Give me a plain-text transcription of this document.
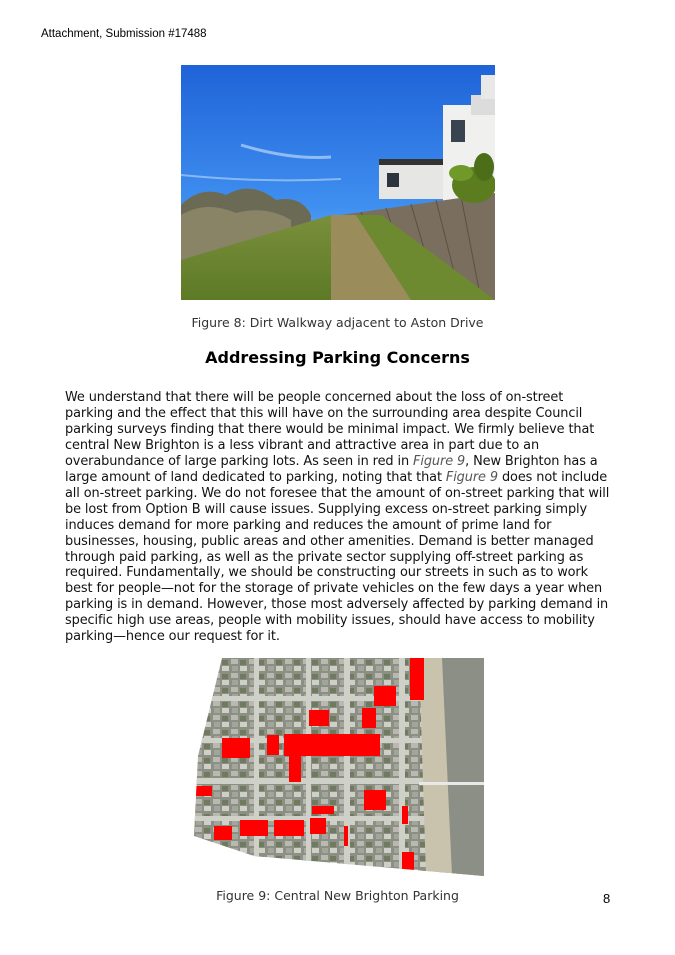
Attachment, Submission #17488
Figure 8: Dirt Walkway adjacent to Aston Drive
Addressing Parking Concerns
We understand that there will be people concerned about the loss of on-street parking and the effect that this will have on the surrounding area despite Council parking surveys finding that there would be minimal impact. We firmly believe that central New Brighton is a less vibrant and attractive area in part due to an overabundance of large parking lots. As seen in red in Figure 9, New Brighton has a large amount of land dedicated to parking, noting that that Figure 9 does not include all on-street parking. We do not foresee that the amount of on-street parking that will be lost from Option B will cause issues. Supplying excess on-street parking simply induces demand for more parking and reduces the amount of prime land for businesses, housing, public areas and other amenities. Demand is better managed through paid parking, as well as the private sector supplying off-street parking as required. Fundamentally, we should be constructing our streets in such as to work best for people—not for the storage of private vehicles on the few days a year when parking is in demand. However, those most adversely affected by parking demand in specific high use areas, people with mobility issues, should have access to mobility parking—hence our request for it.
Figure 9: Central New Brighton Parking	8
